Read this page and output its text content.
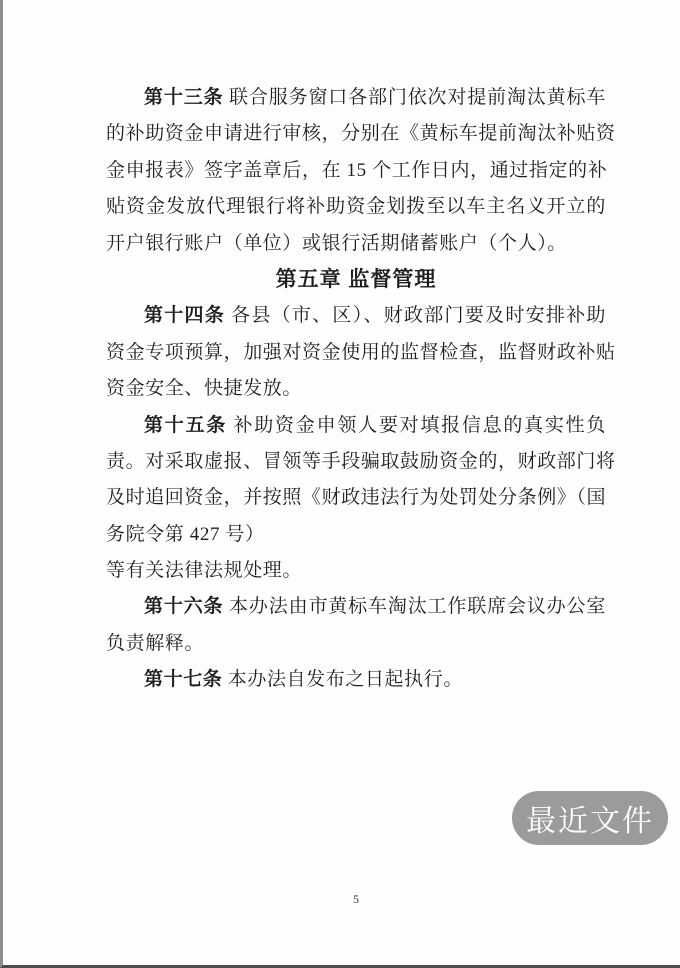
第十三条 联合服务窗口各部门依次对提前淘汰黄标车
的补助资金申请进行审核，分别在《黄标车提前淘汰补贴资
金申报表》签字盖章后，在 15 个工作日内，通过指定的补
贴资金发放代理银行将补助资金划拨至以车主名义开立的
开户银行账户（单位）或银行活期储蓄账户（个人）。
第五章 监督管理
第十四条 各县（市、区）、财政部门要及时安排补助
资金专项预算，加强对资金使用的监督检查，监督财政补贴
资金安全、快捷发放。
第十五条 补助资金申领人要对填报信息的真实性负
责。对采取虚报、冒领等手段骗取鼓励资金的，财政部门将
及时追回资金，并按照《财政违法行为处罚处分条例》（国
务院令第 427 号）
等有关法律法规处理。
第十六条 本办法由市黄标车淘汰工作联席会议办公室
负责解释。
第十七条 本办法自发布之日起执行。
5
最近文件
